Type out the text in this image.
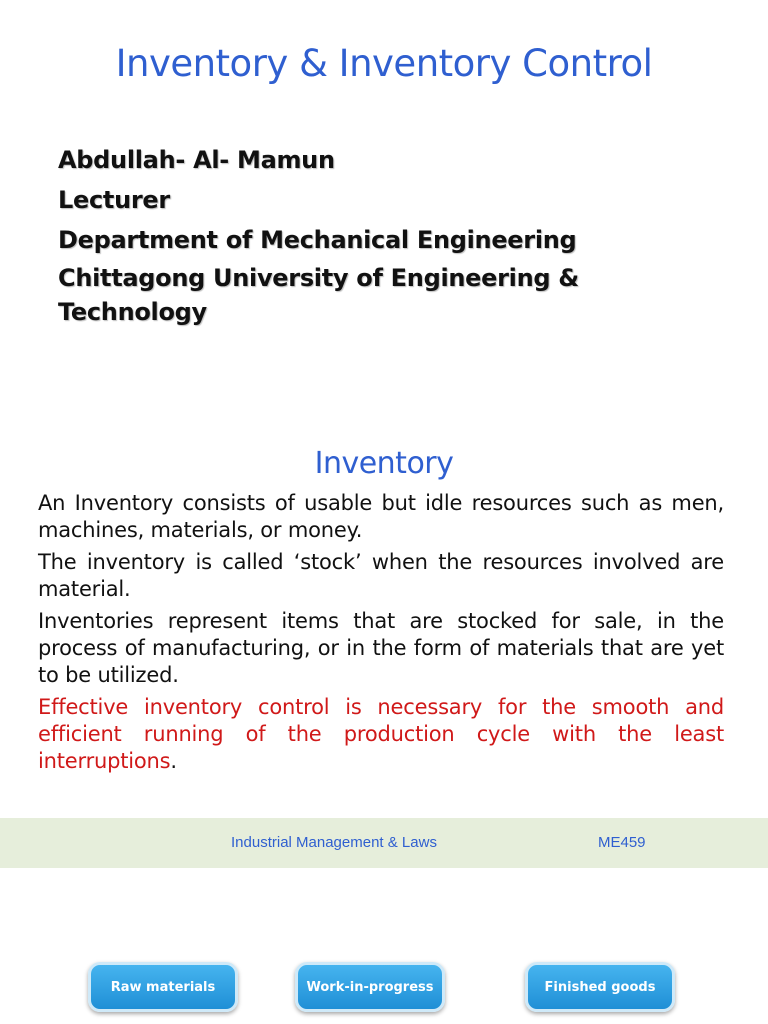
Inventory & Inventory Control
Abdullah- Al- Mamun
Lecturer
Department of Mechanical Engineering
Chittagong University of Engineering &
Technology
Inventory

An Inventory consists of usable but idle resources such as men, machines, materials, or money.

The inventory is called ‘stock’ when the resources involved are material.

Inventories represent items that are stocked for sale, in the process of manufacturing, or in the form of materials that are yet to be utilized.

Effective inventory control is necessary for the smooth and efficient running of the production cycle with the least interruptions.

Industrial Management & Laws	ME459
Raw materials	Work-in-progress	Finished goods
